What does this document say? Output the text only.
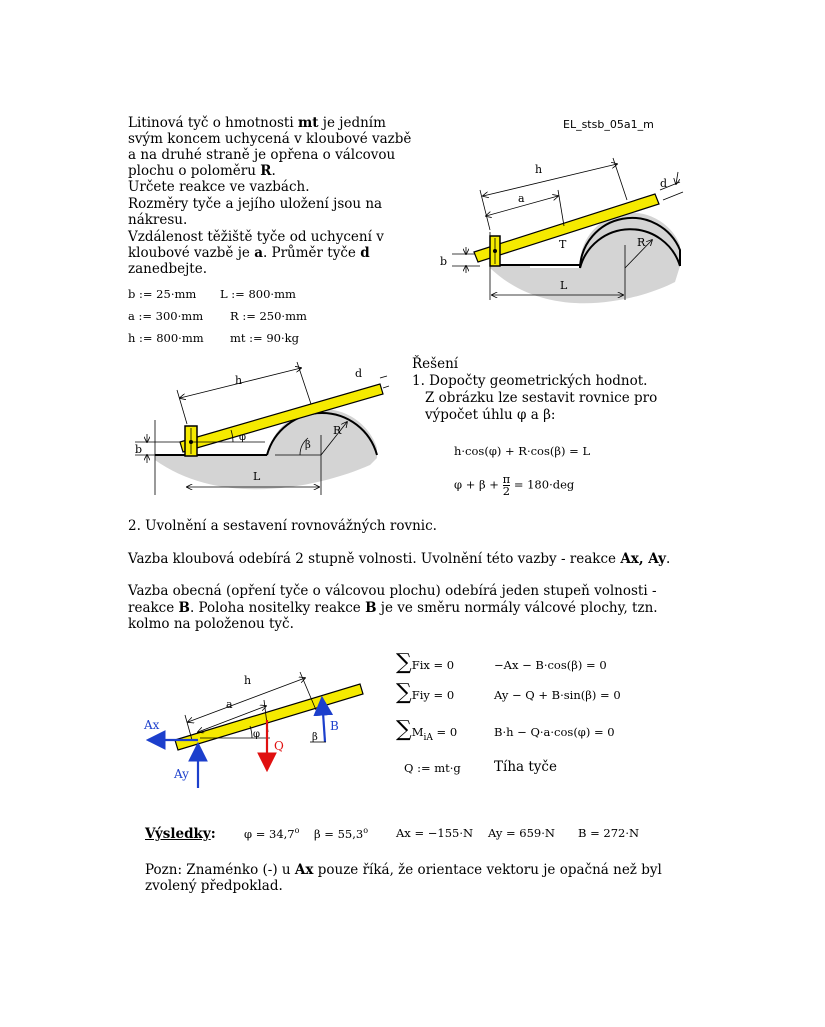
Litinová tyč o hmotnosti mt je jedním
svým koncem uchycená v kloubové vazbě
a na druhé straně je opřena o válcovou
plochu o poloměru R.
Určete reakce ve vazbách.
Rozměry tyče a jejího uložení jsou na
nákresu.
Vzdálenost těžiště tyče od uchycení v
kloubové vazbě je a. Průměr tyče d
zanedbejte.
EL_stsb_05a1_m
b := 25·mm L := 800·mm
a := 300·mm R := 250·mm
h := 800·mm mt := 90·kg
R
L
b
h
a
T
d
R
β
L
b
φ
h
d
Řešení
1. Dopočty geometrických hodnot.
Z obrázku lze sestavit rovnice pro
výpočet úhlu φ a β:
h·cos(φ) + R·cos(β) = L
$\varphi + \beta + \frac{\pi}{2} = 180\cdot deg$
2. Uvolnění a sestavení rovnovážných rovnic.
Vazba kloubová odebírá 2 stupně volnosti. Uvolnění této vazby - reakce Ax, Ay.
Vazba obecná (opření tyče o válcovou plochu) odebírá jeden stupeň volnosti -
reakce B. Poloha nositelky reakce B je ve směru normály válcové plochy, tzn.
kolmo na položenou tyč.
h
a
φ
Q
B
β
Ax
Ay
∑Fix = 0
∑Fiy = 0
$\sum M_{iA} = 0$
−Ax − B·cos(β) = 0
Ay − Q + B·sin(β) = 0
B·h − Q·a·cos(φ) = 0
Q := mt·g Tíha tyče
Výsledky: $\varphi = 34,7^o$ $\beta = 55,3^o$ Ax = −155·N Ay = 659·N B = 272·N
Pozn: Znaménko (-) u Ax pouze říká, že orientace vektoru je opačná než byl
zvolený předpoklad.
